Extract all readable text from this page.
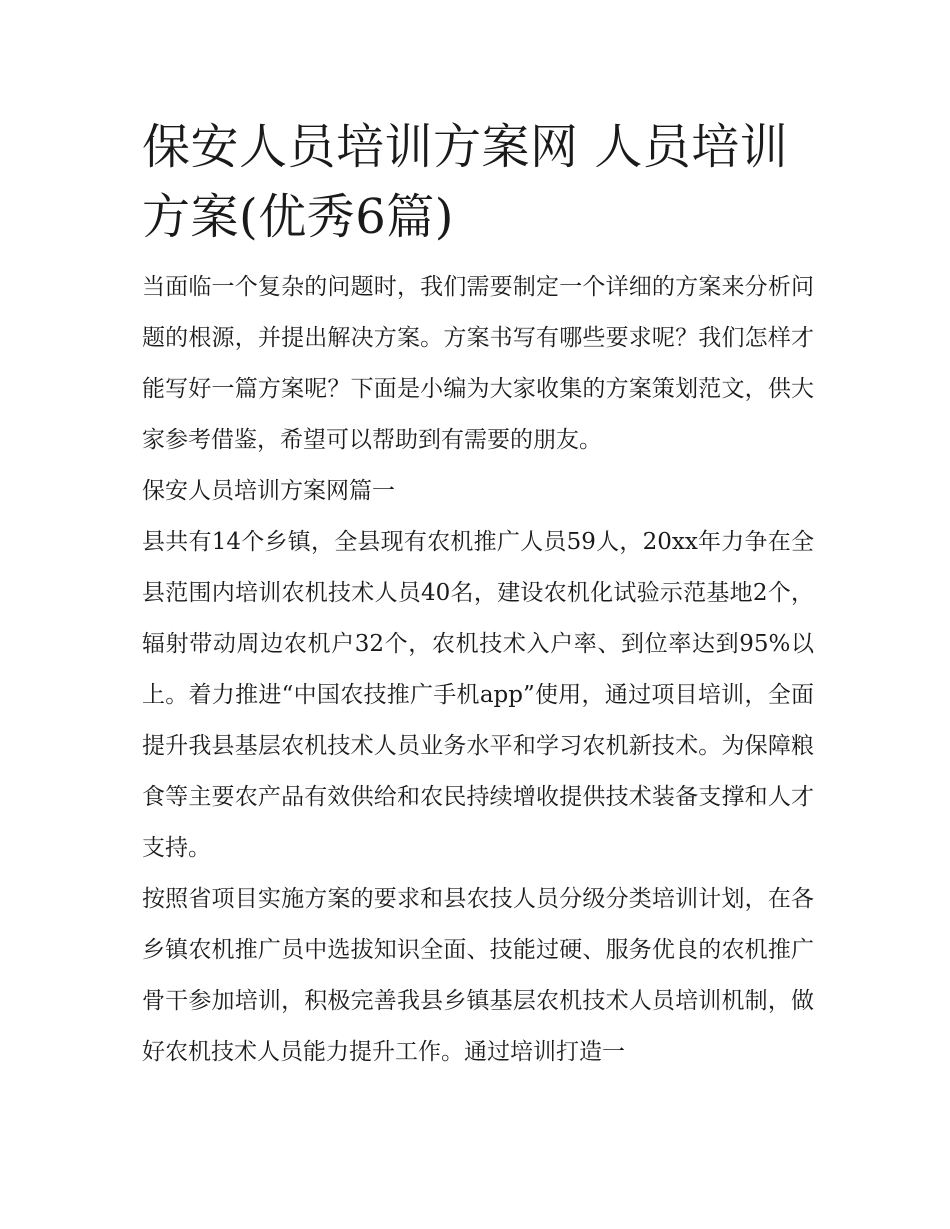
保安人员培训方案网 人员培训方案(优秀6篇)

当面临一个复杂的问题时，我们需要制定一个详细的方案来分析问题的根源，并提出解决方案。方案书写有哪些要求呢？我们怎样才能写好一篇方案呢？下面是小编为大家收集的方案策划范文，供大家参考借鉴，希望可以帮助到有需要的朋友。

保安人员培训方案网篇一

县共有14个乡镇，全县现有农机推广人员59人，20xx年力争在全县范围内培训农机技术人员40名，建设农机化试验示范基地2个，辐射带动周边农机户32个，农机技术入户率、到位率达到95%以上。着力推进“中国农技推广手机app”使用，通过项目培训，全面提升我县基层农机技术人员业务水平和学习农机新技术。为保障粮食等主要农产品有效供给和农民持续增收提供技术装备支撑和人才支持。

按照省项目实施方案的要求和县农技人员分级分类培训计划，在各乡镇农机推广员中选拔知识全面、技能过硬、服务优良的农机推广骨干参加培训，积极完善我县乡镇基层农机技术人员培训机制，做好农机技术人员能力提升工作。通过培训打造一
